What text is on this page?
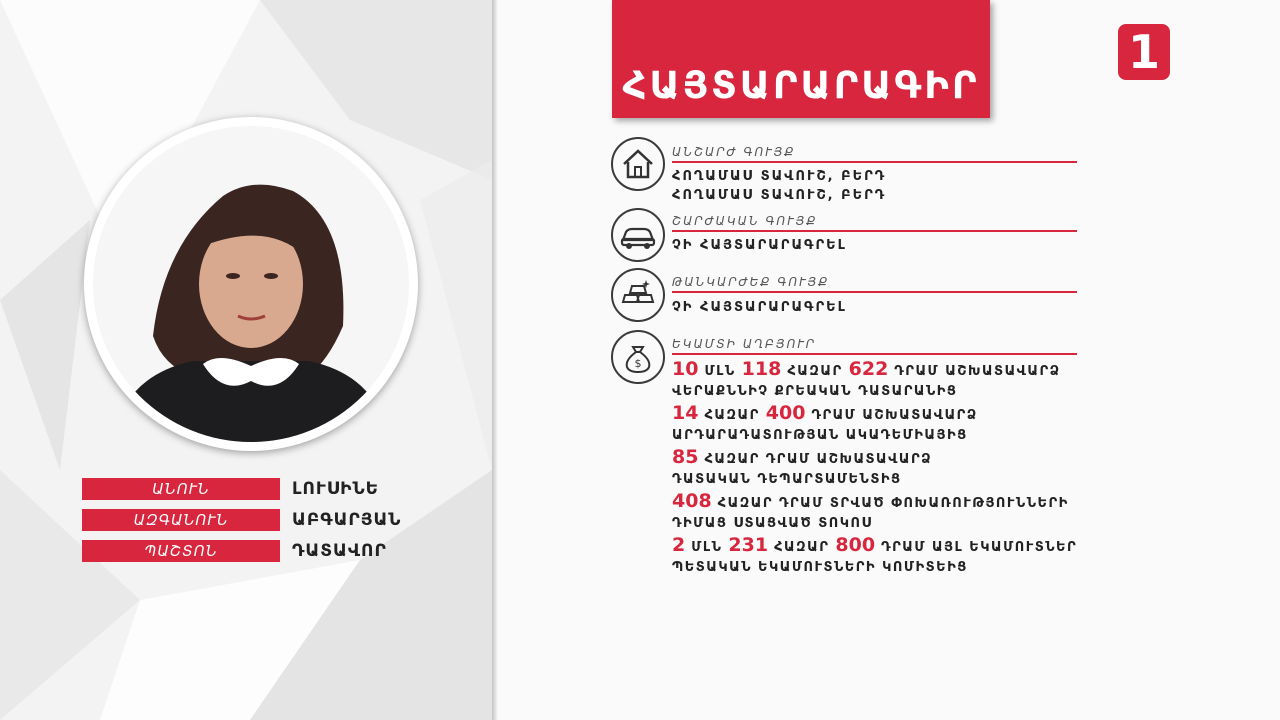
ԱՆՈՒՆ	ԼՈՒՍԻՆԵ
ԱԶԳԱՆՈՒՆ	ԱԲԳԱՐՅԱՆ
ՊԱՇՏՈՆ	ԴԱՏԱՎՈՐ
ՀԱՅՏԱՐԱՐԱԳԻՐ
1
ԱՆՇԱՐԺ ԳՈՒՅՔ
ՀՈՂԱՄԱՍ ՏԱՎՈՒՇ, ԲԵՐԴ
ՀՈՂԱՄԱՍ ՏԱՎՈՒՇ, ԲԵՐԴ
ՇԱՐԺԱԿԱՆ ԳՈՒՅՔ
ՉԻ ՀԱՅՏԱՐԱՐԱԳՐԵԼ
ԹԱՆԿԱՐԺԵՔ ԳՈՒՅՔ
ՉԻ ՀԱՅՏԱՐԱՐԱԳՐԵԼ
$
ԵԿԱՄՏԻ ԱՂԲՅՈՒՐ
10 ՄԼՆ 118 ՀԱԶԱՐ 622 ԴՐԱՄ ԱՇԽԱՏԱՎԱՐՁ
ՎԵՐԱՔՆՆԻՉ ՔՐԵԱԿԱՆ ԴԱՏԱՐԱՆԻՑ
14 ՀԱԶԱՐ 400 ԴՐԱՄ ԱՇԽԱՏԱՎԱՐՁ
ԱՐԴԱՐԱԴԱՏՈՒԹՅԱՆ ԱԿԱԴԵՄԻԱՅԻՑ
85 ՀԱԶԱՐ ԴՐԱՄ ԱՇԽԱՏԱՎԱՐՁ
ԴԱՏԱԿԱՆ ԴԵՊԱՐՏԱՄԵՆՏԻՑ
408 ՀԱԶԱՐ ԴՐԱՄ ՏՐՎԱԾ ՓՈԽԱՌՈՒԹՅՈՒՆՆԵՐԻ
ԴԻՄԱՑ ՍՏԱՑՎԱԾ ՏՈԿՈՍ
2 ՄԼՆ 231 ՀԱԶԱՐ 800 ԴՐԱՄ ԱՅԼ ԵԿԱՄՈՒՏՆԵՐ
ՊԵՏԱԿԱՆ ԵԿԱՄՈՒՏՆԵՐԻ ԿՈՄԻՏԵԻՑ
